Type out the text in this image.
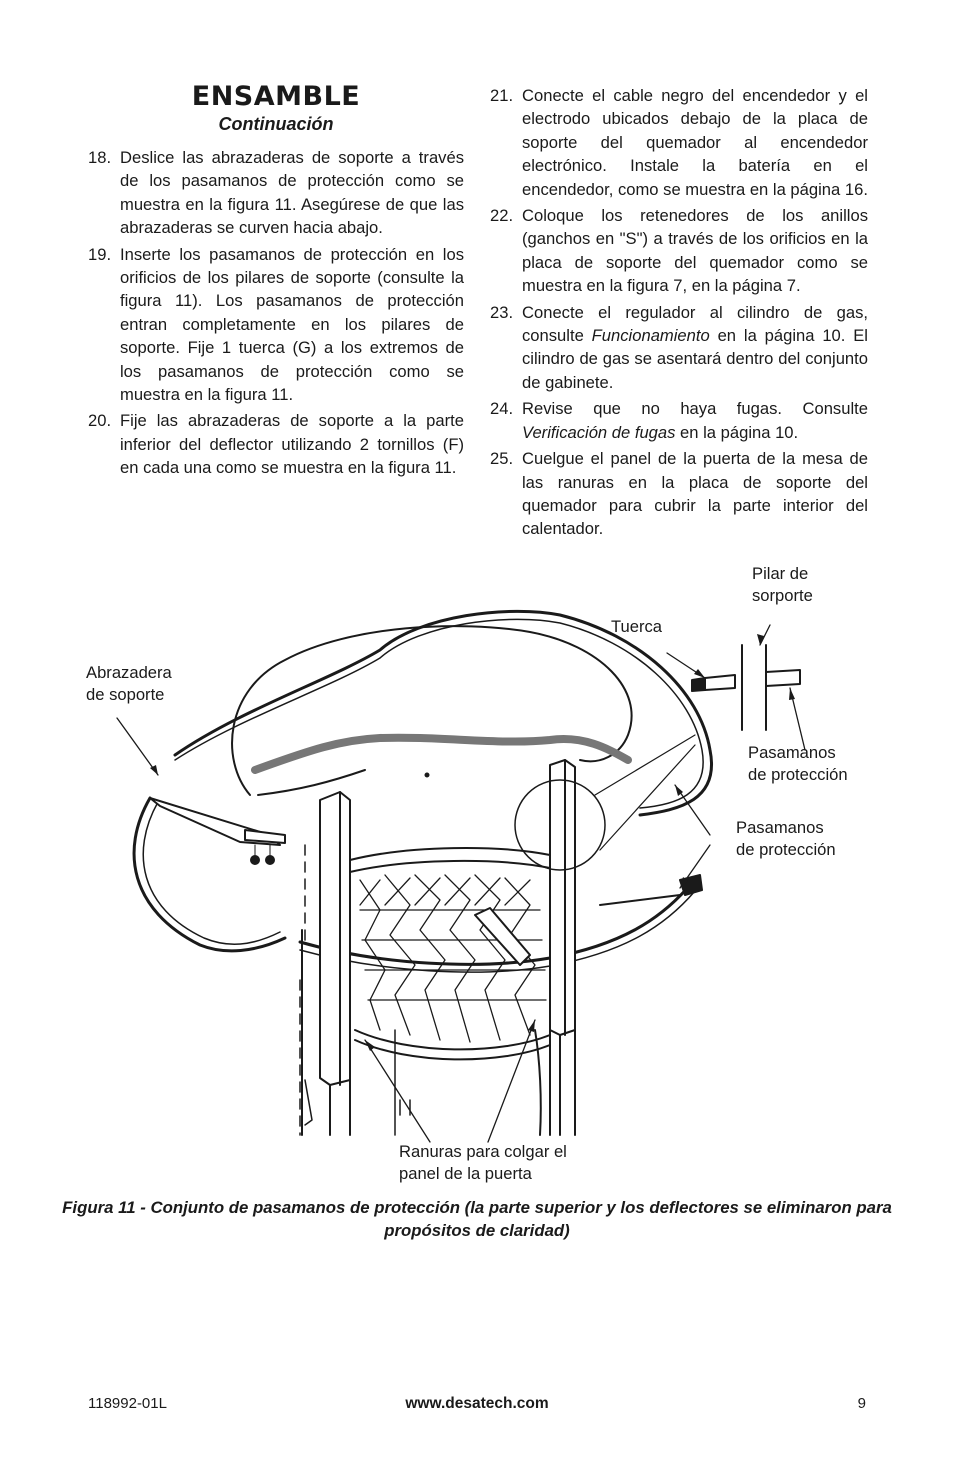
ENSAMBLE
Continuación
18. Deslice las abrazaderas de soporte a través de los pasamanos de protección como se muestra en la figura 11. Asegúrese de que las abrazaderas se curven hacia abajo.
19. Inserte los pasamanos de protección en los orificios de los pilares de soporte (consulte la figura 11). Los pasamanos de protección entran completamente en los pilares de soporte. Fije 1 tuerca (G) a los extremos de los pasamanos de protección como se muestra en la figura 11.
20. Fije las abrazaderas de soporte a la parte inferior del deflector utilizando 2 tornillos (F) en cada una como se muestra en la figura 11.
21. Conecte el cable negro del encendedor y el electrodo ubicados debajo de la placa de soporte del quemador al encendedor electrónico. Instale la batería en el encendedor, como se muestra en la página 16.
22. Coloque los retenedores de los anillos (ganchos en "S") a través de los orificios en la placa de soporte del quemador como se muestra en la figura 7, en la página 7.
23. Conecte el regulador al cilindro de gas, consulte Funcionamiento en la página 10. El cilindro de gas se asentará dentro del conjunto de gabinete.
24. Revise que no haya fugas. Consulte Verificación de fugas en la página 10.
25. Cuelgue el panel de la puerta de la mesa de las ranuras en la placa de soporte del quemador para cubrir la parte interior del calentador.
Pilar de
sorporte
Tuerca
Abrazadera
de soporte
Pasamanos
de protección
Pasamanos
de protección
Ranuras para colgar el
panel de la puerta
Figura 11 - Conjunto de pasamanos de protección (la parte superior y los deflectores se eliminaron para propósitos de claridad)
118992-01L	www.desatech.com	9
